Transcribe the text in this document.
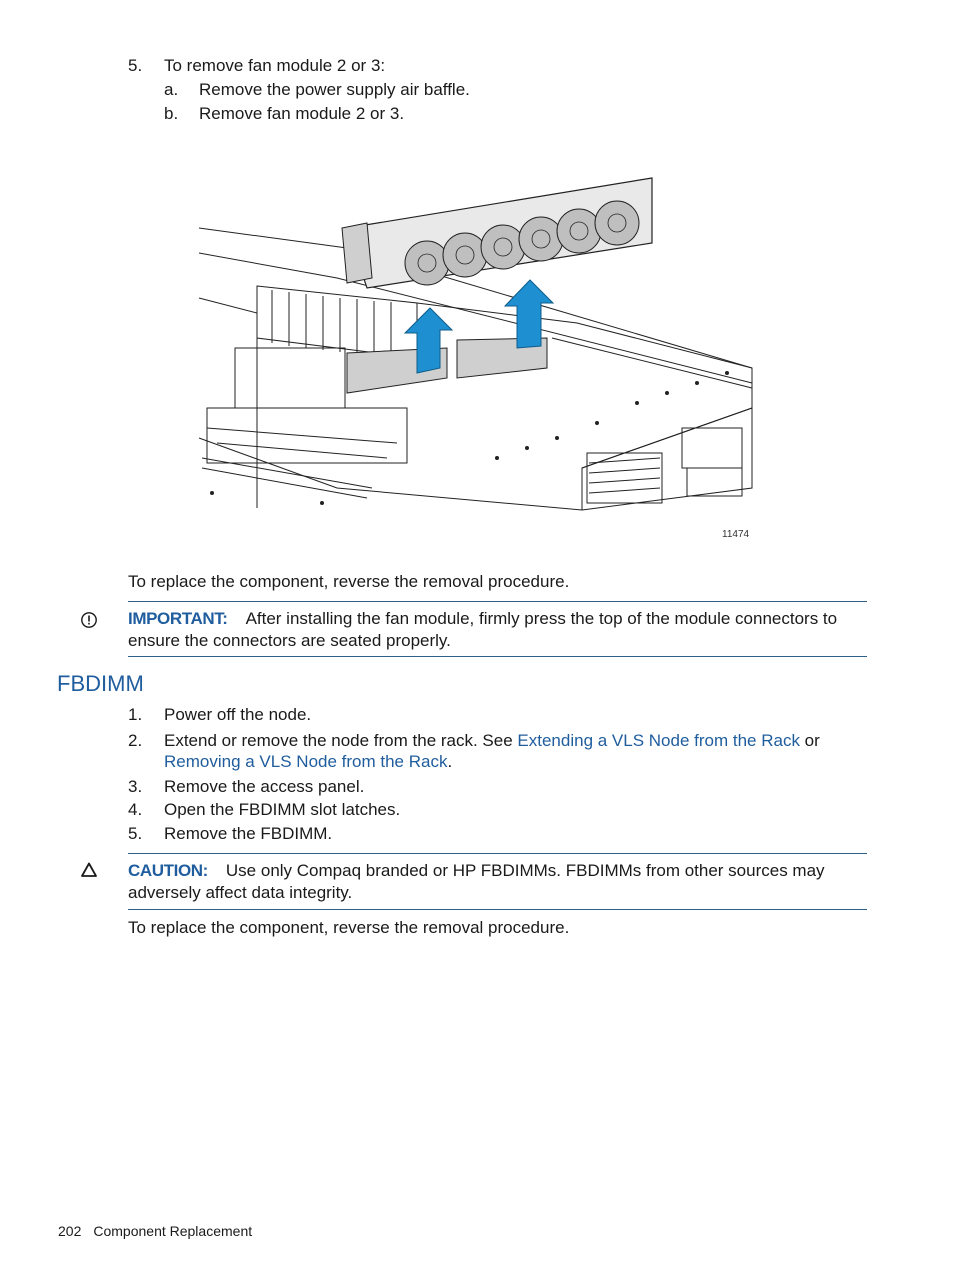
5.	To remove fan module 2 or 3:
a.	Remove the power supply air baffle.
b.	Remove fan module 2 or 3.
11474
To replace the component, reverse the removal procedure.
IMPORTANT: After installing the fan module, firmly press the top of the module connectors to ensure the connectors are seated properly.
FBDIMM
1.	Power off the node.
2.	Extend or remove the node from the rack. See Extending a VLS Node from the Rack or Removing a VLS Node from the Rack.
3.	Remove the access panel.
4.	Open the FBDIMM slot latches.
5.	Remove the FBDIMM.
CAUTION: Use only Compaq branded or HP FBDIMMs. FBDIMMs from other sources may adversely affect data integrity.
To replace the component, reverse the removal procedure.
202 Component Replacement
